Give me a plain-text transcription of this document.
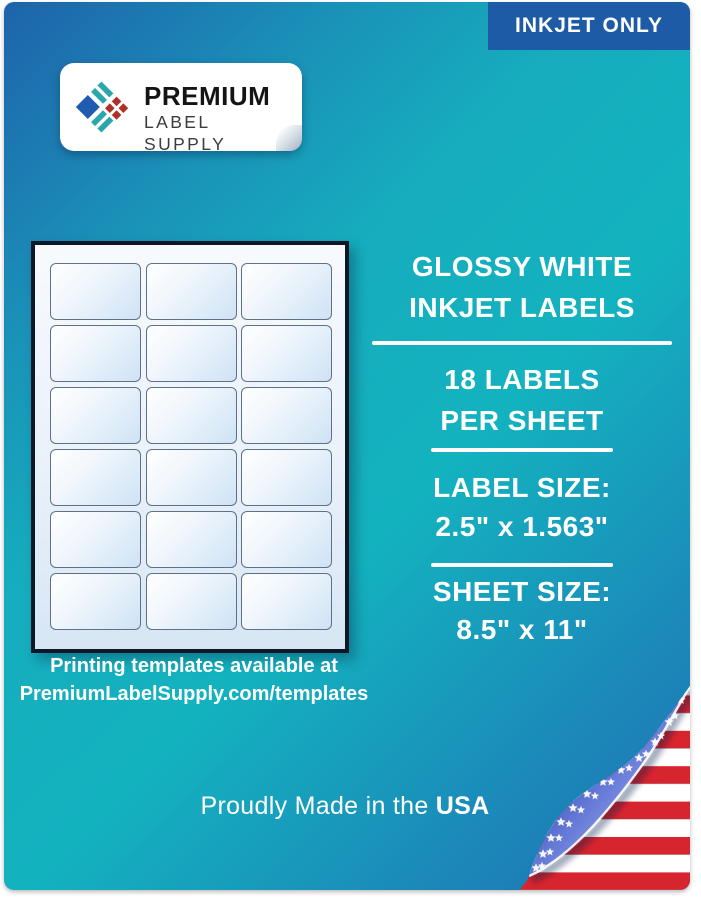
INKJET ONLY
PREMIUM
LABEL SUPPLY
Printing templates available at
PremiumLabelSupply.com/templates
GLOSSY WHITE
INKJET LABELS
18 LABELS
PER SHEET
LABEL SIZE:
2.5" x 1.563"
SHEET SIZE:
8.5" x 11"
Proudly Made in the USA
